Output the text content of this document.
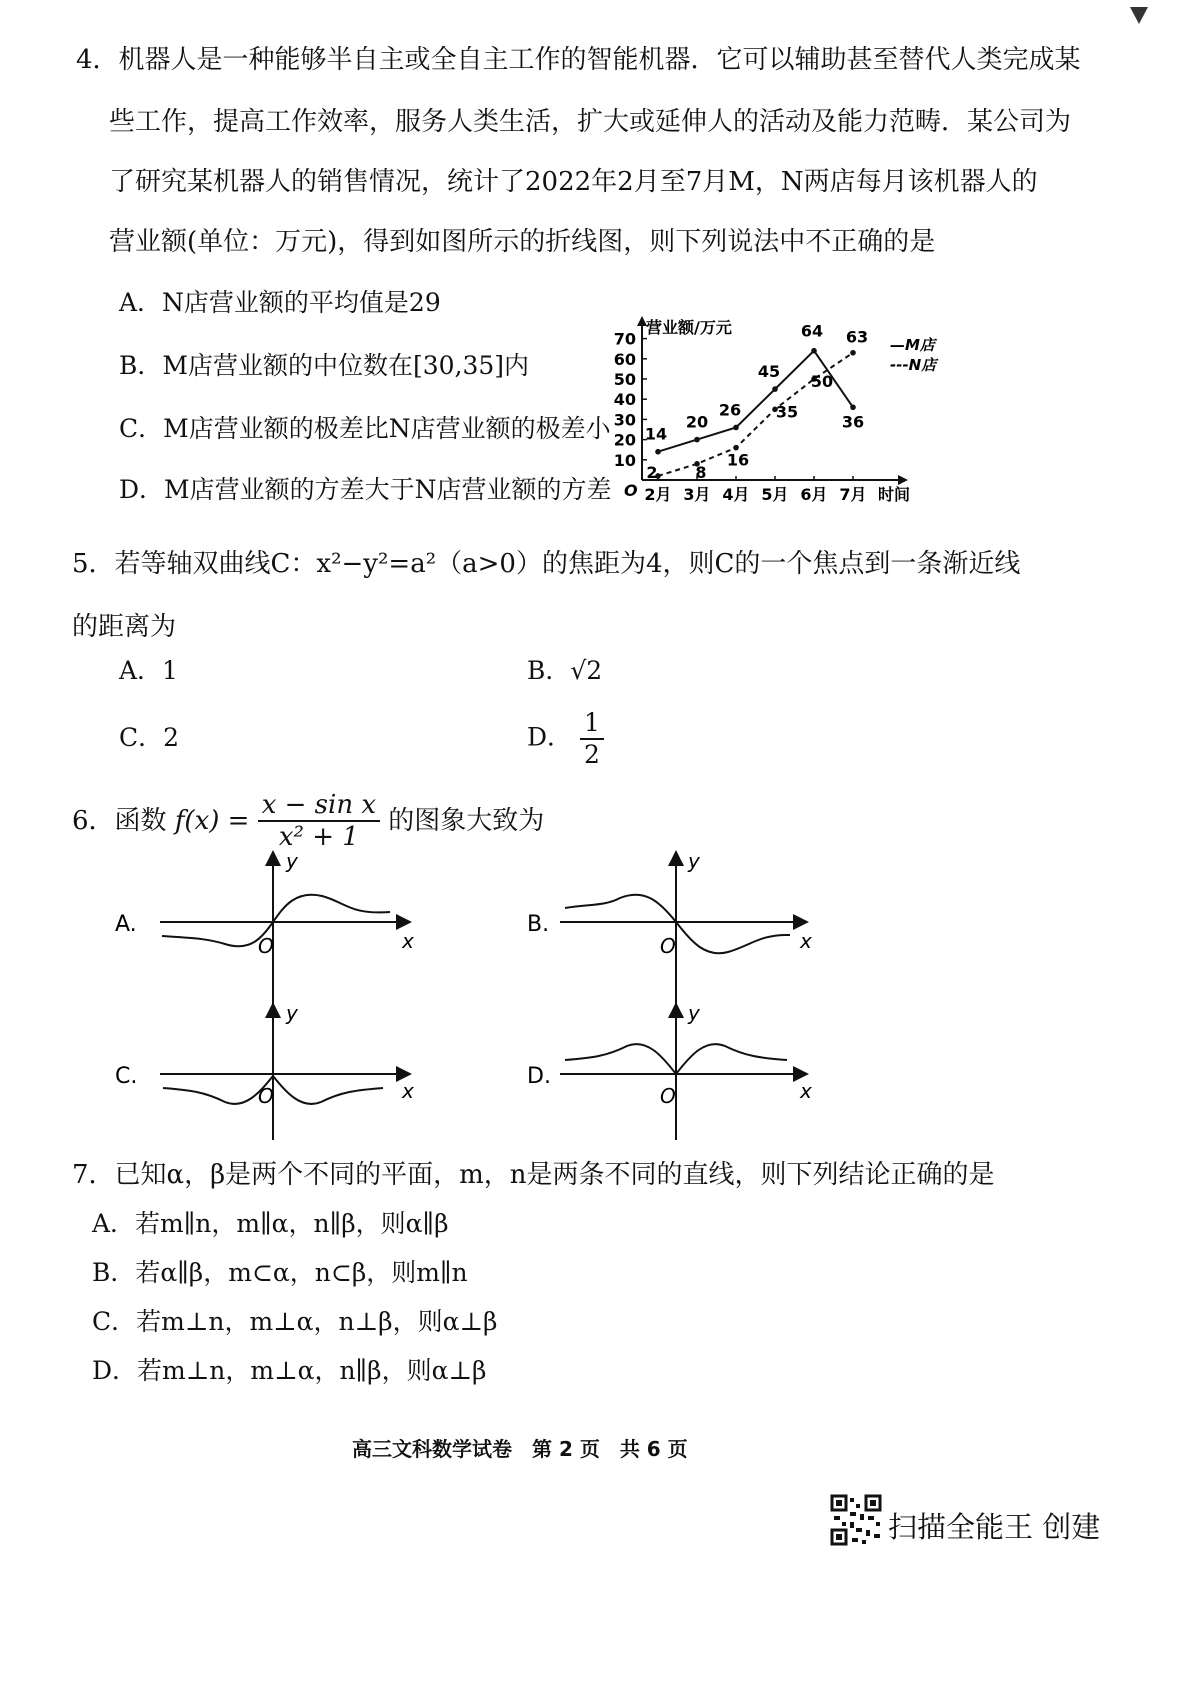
4．机器人是一种能够半自主或全自主工作的智能机器．它可以辅助甚至替代人类完成某
些工作，提高工作效率，服务人类生活，扩大或延伸人的活动及能力范畴．某公司为
了研究某机器人的销售情况，统计了2022年2月至7月M，N两店每月该机器人的
营业额(单位：万元)，得到如图所示的折线图，则下列说法中不正确的是
A．N店营业额的平均值是29
B．M店营业额的中位数在[30,35]内
C．M店营业额的极差比N店营业额的极差小
D．M店营业额的方差大于N店营业额的方差
营业额/万元
时间
O
10
20
30
40
50
60
70
2月 3月 4月 5月 6月 7月
—M店
---N店
14
20
26
45
64
36
2 8
16
35
50
63
5．若等轴双曲线C：x²−y²=a²（a>0）的焦距为4，则C的一个焦点到一条渐近线
的距离为
A．1	B．√2
C．2	D． $\frac{1}{2}$
6．函数 $f(x) = \frac{\text{x − sin x}}{\text{x² + 1}}$ 的图象大致为
A.
y
x
O
B.
y
x
O
C.
y
x
O
D.
y
x
O
7．已知α，β是两个不同的平面，m，n是两条不同的直线，则下列结论正确的是
A．若m∥n，m∥α，n∥β，则α∥β
B．若α∥β，m⊂α，n⊂β，则m∥n
C．若m⊥n，m⊥α，n⊥β，则α⊥β
D．若m⊥n，m⊥α，n∥β，则α⊥β
高三文科数学试卷　第 2 页　共 6 页
扫描全能王 创建
